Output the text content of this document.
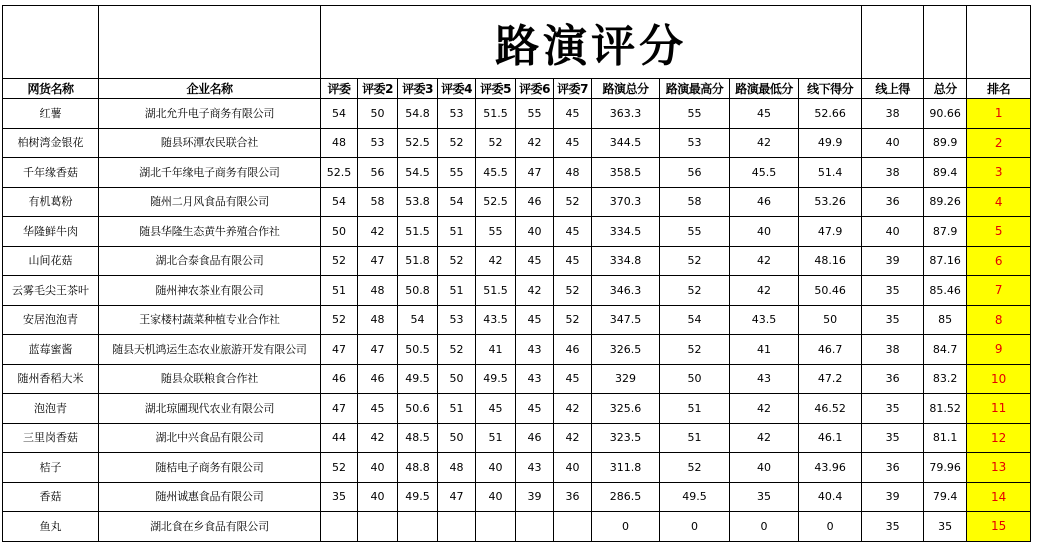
		路演评分													
网货名称	企业名称	评委	评委2	评委3	评委4	评委5	评委6	评委7	路演总分	路演最高分	路演最低分	线下得分	线上得	总分	排名
红薯	湖北允升电子商务有限公司	54	50	54.8	53	51.5	55	45	363.3	55	45	52.66	38	90.66	1
柏树湾金银花	随县环潭农民联合社	48	53	52.5	52	52	42	45	344.5	53	42	49.9	40	89.9	2
千年缘香菇	湖北千年缘电子商务有限公司	52.5	56	54.5	55	45.5	47	48	358.5	56	45.5	51.4	38	89.4	3
有机葛粉	随州二月风食品有限公司	54	58	53.8	54	52.5	46	52	370.3	58	46	53.26	36	89.26	4
华隆鲜牛肉	随县华隆生态黄牛养殖合作社	50	42	51.5	51	55	40	45	334.5	55	40	47.9	40	87.9	5
山间花菇	湖北合泰食品有限公司	52	47	51.8	52	42	45	45	334.8	52	42	48.16	39	87.16	6
云雾毛尖王茶叶	随州神农茶业有限公司	51	48	50.8	51	51.5	42	52	346.3	52	42	50.46	35	85.46	7
安居泡泡青	王家楼村蔬菜种植专业合作社	52	48	54	53	43.5	45	52	347.5	54	43.5	50	35	85	8
蓝莓蜜酱	随县天机鸿运生态农业旅游开发有限公司	47	47	50.5	52	41	43	46	326.5	52	41	46.7	38	84.7	9
随州香稻大米	随县众联粮食合作社	46	46	49.5	50	49.5	43	45	329	50	43	47.2	36	83.2	10
泡泡青	湖北琼圃现代农业有限公司	47	45	50.6	51	45	45	42	325.6	51	42	46.52	35	81.52	11
三里岗香菇	湖北中兴食品有限公司	44	42	48.5	50	51	46	42	323.5	51	42	46.1	35	81.1	12
桔子	随桔电子商务有限公司	52	40	48.8	48	40	43	40	311.8	52	40	43.96	36	79.96	13
香菇	随州诚惠食品有限公司	35	40	49.5	47	40	39	36	286.5	49.5	35	40.4	39	79.4	14
鱼丸	湖北食在乡食品有限公司								0	0	0	0	35	35	15
